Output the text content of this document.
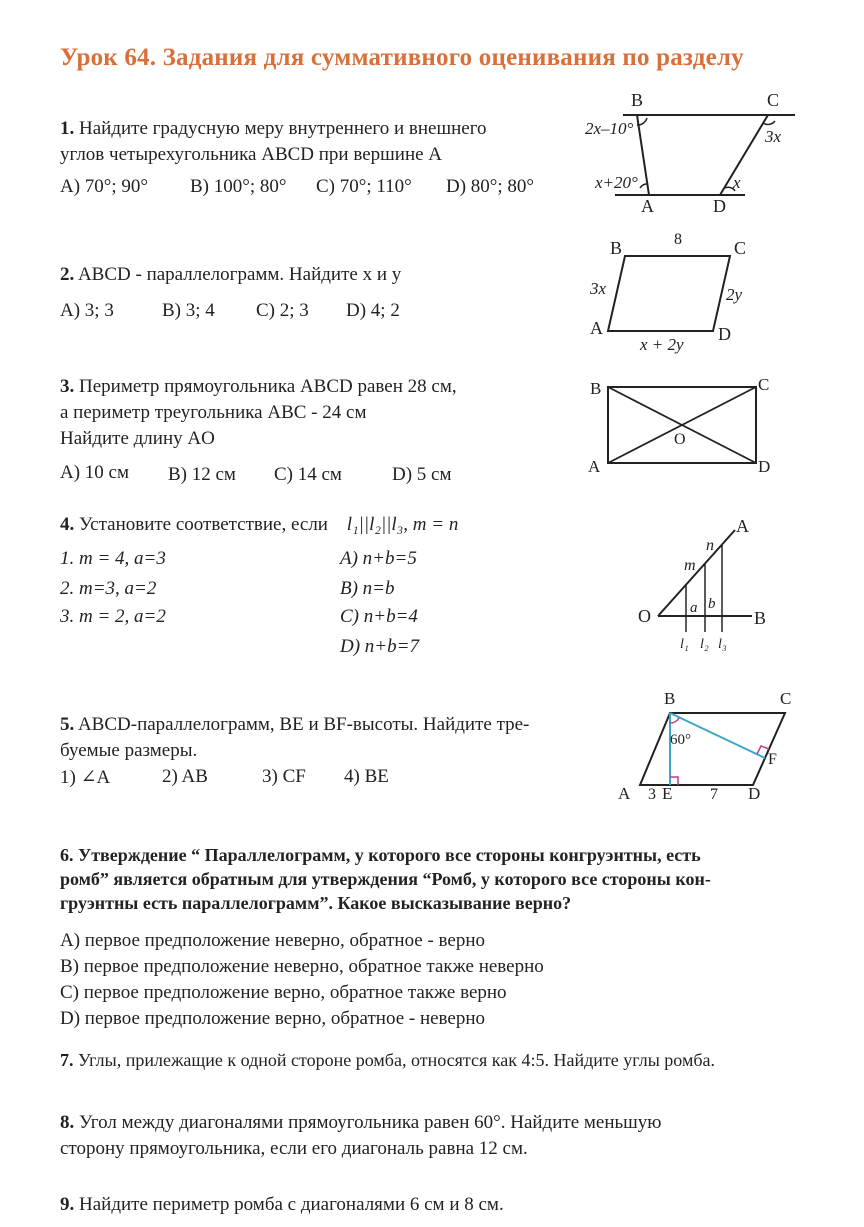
Урок 64. Задания для суммативного оценивания по разделу
1. Найдите градусную меру внутреннего и внешнего
углов четырехугольника ABCD при вершине A
A) 70°; 90° B) 100°; 80° C) 70°; 110° D) 80°; 80°
B	C
A	D
2x–10°	3x
x+20°	x
2. ABCD - параллелограмм. Найдите x и y
A) 3; 3	B) 3; 4 C) 2; 3 D) 4; 2
B	C
A	D
8
3x	2y
x + 2y
3. Периметр прямоугольника ABCD равен 28 см,
а периметр треугольника ABC - 24 см
Найдите длину AO
A) 10 см B) 12 см C) 14 см	D) 5 см
B	C
A	D
O
4. Установите соответствие, если l₁||l₂||l₃, m = n
1. m = 4, a=3
2. m=3, a=2
3. m = 2, a=2
A) n+b=5
B) n=b
C) n+b=4
D) n+b=7
A
O	B
m
n
a b
l₁ l₂ l₃
5. ABCD-параллелограмм, BE и BF-высоты. Найдите тре-
буемые размеры.
1) ∠A	2) AB	3) CF 4) BE
B	C
A	D
E
F
60°
3	7
6. Утверждение “ Параллелограмм, у которого все стороны конгруэнтны, есть
ромб” является обратным для утверждения “Ромб, у которого все стороны кон-
груэнтны есть параллелограмм”. Какое высказывание верно?
A) первое предположение неверно, обратное - верно
B) первое предположение неверно, обратное также неверно
C) первое предположение верно, обратное также верно
D) первое предположение верно, обратное - неверно
7. Углы, прилежащие к одной стороне ромба, относятся как 4:5. Найдите углы ромба.
8. Угол между диагоналями прямоугольника равен 60°. Найдите меньшую
сторону прямоугольника, если его диагональ равна 12 см.
9. Найдите периметр ромба с диагоналями 6 см и 8 см.
